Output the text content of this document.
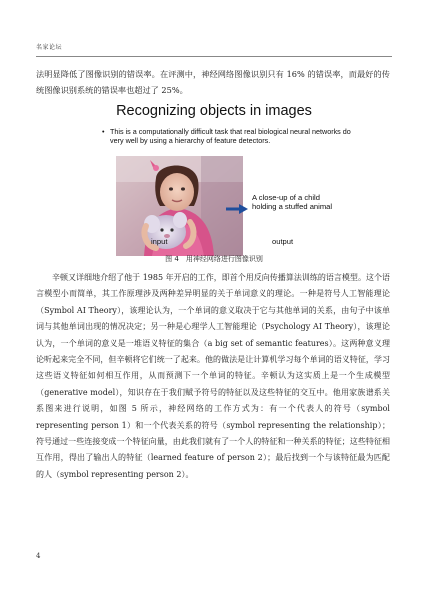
名家论坛
法明显降低了图像识别的错误率。在评测中，神经网络图像识别只有 16% 的错误率，而最好的传统图像识别系统的错误率也超过了 25%。
Recognizing objects in images
• This is a computationally difficult task that real biological neural networks do very well by using a hierarchy of feature detectors.
A close-up of a child holding a stuffed animal
input	output
图 4　用神经网络进行图像识别
辛顿又详细地介绍了他于 1985 年开启的工作，即首个用反向传播算法训练的语言模型。这个语言模型小而简单，其工作原理涉及两种差异明显的关于单词意义的理论。一种是符号人工智能理论（Symbol AI Theory），该理论认为，一个单词的意义取决于它与其他单词的关系，由句子中该单词与其他单词出现的情况决定；另一种是心理学人工智能理论（Psychology AI Theory），该理论认为，一个单词的意义是一堆语义特征的集合（a big set of semantic features）。这两种意义理论听起来完全不同，但辛顿将它们统一了起来。他的做法是让计算机学习每个单词的语义特征，学习这些语义特征如何相互作用，从而预测下一个单词的特征。辛顿认为这实质上是一个生成模型（generative model），知识存在于我们赋予符号的特征以及这些特征的交互中。他用家族谱系关系图来进行说明，如图 5 所示，神经网络的工作方式为：有一个代表人的符号（symbol representing person 1）和一个代表关系的符号（symbol representing the relationship）；符号通过一些连接变成一个特征向量，由此我们就有了一个人的特征和一种关系的特征；这些特征相互作用，得出了输出人的特征（learned feature of person 2）；最后找到一个与该特征最为匹配的人（symbol representing person 2）。
4
